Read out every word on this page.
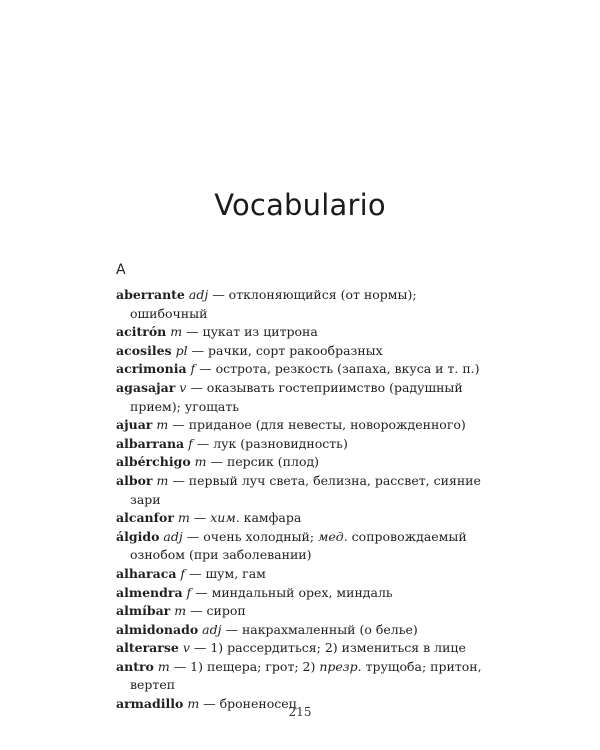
Vocabulario
А
aberrante adj — отклоняющийся (от нормы); ошибочный
acitrón m — цукат из цитрона
acosiles pl — рачки, сорт ракообразных
acrimonia f — острота, резкость (запаха, вкуса и т. п.)
agasajar v — оказывать гостеприимство (радушный прием); угощать
ajuar m — приданое (для невесты, новорожденного)
albarrana f — лук (разновидность)
albérchigo m — персик (плод)
albor m — первый луч света, белизна, рассвет, сияние зари
alcanfor m — хим. камфара
álgido adj — очень холодный; мед. сопровождаемый ознобом (при заболевании)
alharaca f — шум, гам
almendra f — миндальный орех, миндаль
almíbar m — сироп
almidonado adj — накрахмаленный (о белье)
alterarse v — 1) рассердиться; 2) измениться в лице
antro m — 1) пещера; грот; 2) презр. трущоба; притон, вертеп
armadillo m — броненосец
215
